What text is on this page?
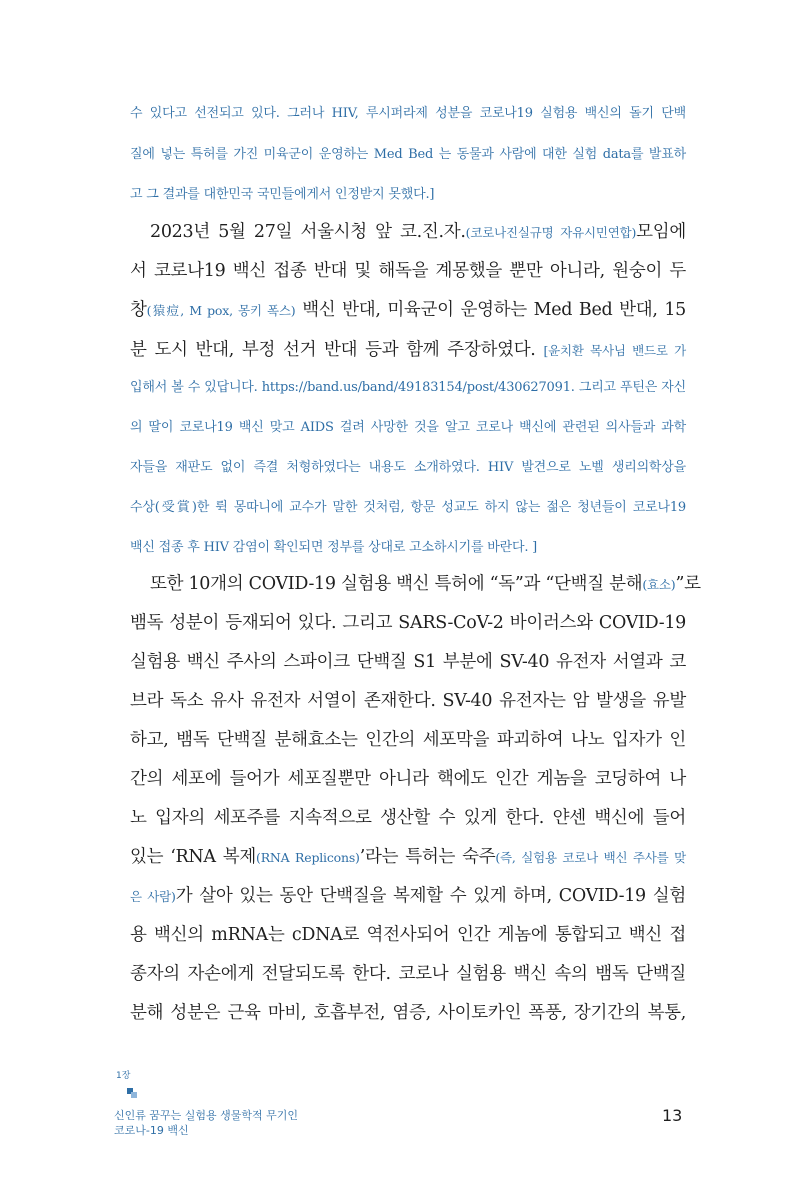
수 있다고 선전되고 있다. 그러나 HIV, 루시퍼라제 성분을 코로나19 실험용 백신의 돌기 단백
질에 넣는 특허를 가진 미육군이 운영하는 Med Bed 는 동물과 사람에 대한 실험 data를 발표하
고 그 결과를 대한민국 국민들에게서 인정받지 못했다.]
2023년 5월 27일 서울시청 앞 코.진.자.(코로나진실규명 자유시민연합)모임에
서 코로나19 백신 접종 반대 및 해독을 계몽했을 뿐만 아니라, 원숭이 두
창(猿痘, M pox, 몽키 폭스) 백신 반대, 미육군이 운영하는 Med Bed 반대, 15
분 도시 반대, 부정 선거 반대 등과 함께 주장하였다. [윤치환 목사님 밴드로 가
입해서 볼 수 있답니다. https://band.us/band/49183154/post/430627091. 그리고 푸틴은 자신
의 딸이 코로나19 백신 맞고 AIDS 걸려 사망한 것을 알고 코로나 백신에 관련된 의사들과 과학
자들을 재판도 없이 즉결 처형하였다는 내용도 소개하였다. HIV 발견으로 노벨 생리의학상을
수상(受賞)한 뤽 몽따니에 교수가 말한 것처럼, 항문 성교도 하지 않는 젊은 청년들이 코로나19
백신 접종 후 HIV 감염이 확인되면 정부를 상대로 고소하시기를 바란다. ]
또한 10개의 COVID-19 실험용 백신 특허에 “독”과 “단백질 분해(효소)”로
뱀독 성분이 등재되어 있다. 그리고 SARS-CoV-2 바이러스와 COVID-19
실험용 백신 주사의 스파이크 단백질 S1 부분에 SV-40 유전자 서열과 코
브라 독소 유사 유전자 서열이 존재한다. SV-40 유전자는 암 발생을 유발
하고, 뱀독 단백질 분해효소는 인간의 세포막을 파괴하여 나노 입자가 인
간의 세포에 들어가 세포질뿐만 아니라 핵에도 인간 게놈을 코딩하여 나
노 입자의 세포주를 지속적으로 생산할 수 있게 한다. 얀센 백신에 들어
있는 ‘RNA 복제(RNA Replicons)’라는 특허는 숙주(즉, 실험용 코로나 백신 주사를 맞
은 사람)가 살아 있는 동안 단백질을 복제할 수 있게 하며, COVID-19 실험
용 백신의 mRNA는 cDNA로 역전사되어 인간 게놈에 통합되고 백신 접
종자의 자손에게 전달되도록 한다. 코로나 실험용 백신 속의 뱀독 단백질
분해 성분은 근육 마비, 호흡부전, 염증, 사이토카인 폭풍, 장기간의 복통,
1장
신인류 꿈꾸는 실험용 생물학적 무기인
코로나-19 백신
13
